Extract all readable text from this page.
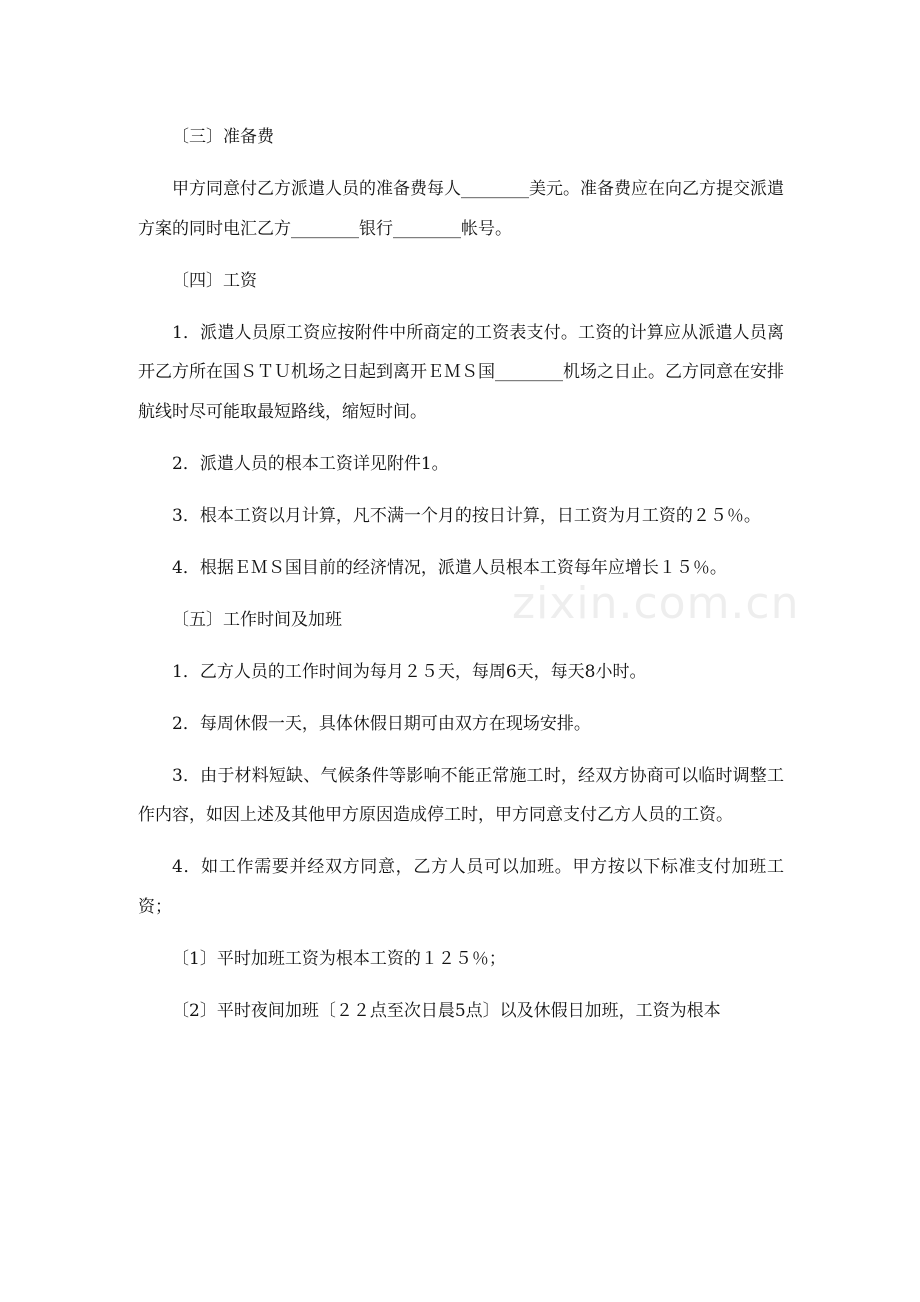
〔三〕准备费

甲方同意付乙方派遣人员的准备费每人________美元。准备费应在向乙方提交派遣方案的同时电汇乙方________银行________帐号。

〔四〕工资

1．派遣人员原工资应按附件中所商定的工资表支付。工资的计算应从派遣人员离开乙方所在国ＳＴＵ机场之日起到离开ＥＭＳ国________机场之日止。乙方同意在安排航线时尽可能取最短路线，缩短时间。

2．派遣人员的根本工资详见附件1。

3．根本工资以月计算，凡不满一个月的按日计算，日工资为月工资的２５％。

4．根据ＥＭＳ国目前的经济情况，派遣人员根本工资每年应增长１５％。

〔五〕工作时间及加班

1．乙方人员的工作时间为每月２５天，每周6天，每天8小时。

2．每周休假一天，具体休假日期可由双方在现场安排。

3．由于材料短缺、气候条件等影响不能正常施工时，经双方协商可以临时调整工作内容，如因上述及其他甲方原因造成停工时，甲方同意支付乙方人员的工资。

4．如工作需要并经双方同意，乙方人员可以加班。甲方按以下标准支付加班工资；

〔1〕平时加班工资为根本工资的１２５％；

〔2〕平时夜间加班〔２２点至次日晨5点〕以及休假日加班，工资为根本

zixin.com.cn
